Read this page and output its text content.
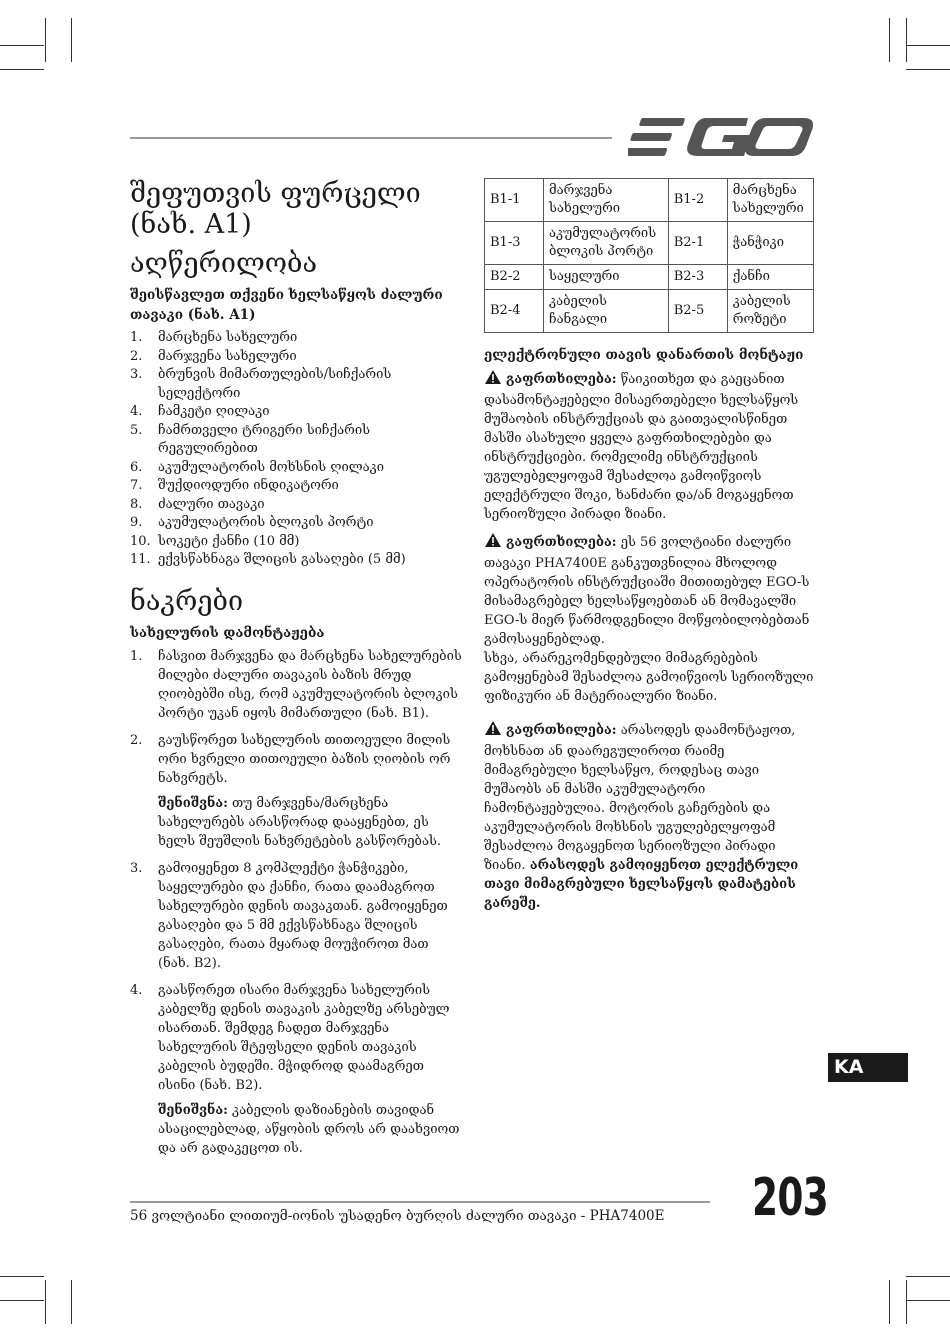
შეფუთვის ფურცელი (ნახ. A1)
აღწერილობა
შეისწავლეთ თქვენი ხელსაწყოს ძალური თავაკი (ნახ. A1)
1.	მარცხენა სახელური
2.	მარჯვენა სახელური
3.	ბრუნვის მიმართულების/სიჩქარის სელექტორი
4.	ჩამკეტი ღილაკი
5.	ჩამრთველი ტრიგერი სიჩქარის რეგულირებით
6.	აკუმულატორის მოხსნის ღილაკი
7.	შუქდიოდური ინდიკატორი
8.	ძალური თავაკი
9.	აკუმულატორის ბლოკის პორტი
10. სოკეტი ქანჩი (10 მმ)
11. ექვსწახნაგა შლიცის გასაღები (5 მმ)
ნაკრები
სახელურის დამონტაჟება
1.	ჩასვით მარჯვენა და მარცხენა სახელურების მილები ძალური თავაკის ბაზის მრუდ ღიობებში ისე, რომ აკუმულატორის ბლოკის პორტი უკან იყოს მიმართული (ნახ. B1).
2.	გაუსწორეთ სახელურის თითოეული მილის ორი ხვრელი თითოეული ბაზის ღიობის ორ ნახვრეტს.
შენიშვნა: თუ მარჯვენა/მარცხენა სახელურებს არასწორად დააყენებთ, ეს ხელს შეუშლის ნახვრეტების გასწორებას.
3.	გამოიყენეთ 8 კომპლექტი ჭანჭიკები, საყელურები და ქანჩი, რათა დაამაგროთ სახელურები დენის თავაკთან. გამოიყენეთ გასაღები და 5 მმ ექვსწახნაგა შლიცის გასაღები, რათა მყარად მოუჭიროთ მათ (ნახ. B2).
4.	გაასწორეთ ისარი მარჯვენა სახელურის კაბელზე დენის თავაკის კაბელზე არსებულ ისართან. შემდეგ ჩადეთ მარჯვენა სახელურის შტეფსელი დენის თავაკის კაბელის ბუდეში. მჭიდროდ დაამაგრეთ ისინი (ნახ. B2).
შენიშვნა: კაბელის დაზიანების თავიდან ასაცილებლად, აწყობის დროს არ დაახვიოთ და არ გადაკეცოთ ის.
B1-1	მარჯვენა სახელური	B1-2	მარცხენა სახელური
B1-3	აკუმულატორის ბლოკის პორტი	B2-1	ჭანჭიკი
B2-2	საყელური	B2-3	ქანჩი
B2-4	კაბელის ჩანგალი	B2-5	კაბელის როზეტი
ელექტრონული თავის დანართის მონტაჟი

გაფრთხილება: წაიკითხეთ და გაეცანით დასამონტაჟებელი მისაერთებელი ხელსაწყოს მუშაობის ინსტრუქციას და გაითვალისწინეთ მასში ასახული ყველა გაფრთხილებები და ინსტრუქციები. რომელიმე ინსტრუქციის უგულებელყოფამ შესაძლოა გამოიწვიოს ელექტრული შოკი, ხანძარი და/ან მოგაყენოთ სერიოზული პირადი ზიანი.

გაფრთხილება: ეს 56 ვოლტიანი ძალური თავაკი PHA7400E განკუთვნილია მხოლოდ ოპერატორის ინსტრუქციაში მითითებულ EGO-ს მისამაგრებელ ხელსაწყოებთან ან მომავალში EGO-ს მიერ წარმოდგენილი მოწყობილობებთან გამოსაყენებლად.
სხვა, არარეკომენდებული მიმაგრებების გამოყენებამ შესაძლოა გამოიწვიოს სერიოზული ფიზიკური ან მატერიალური ზიანი.

გაფრთხილება: არასოდეს დაამონტაჟოთ, მოხსნათ ან დაარეგულიროთ რაიმე მიმაგრებული ხელსაწყო, როდესაც თავი მუშაობს ან მასში აკუმულატორი ჩამონტაჟებულია. მოტორის გაჩერების და აკუმულატორის მოხსნის უგულებელყოფამ შესაძლოა მოგაყენოთ სერიოზული პირადი ზიანი. არასოდეს გამოიყენოთ ელექტრული თავი მიმაგრებული ხელსაწყოს დამატების გარეშე.

KA
56 ვოლტიანი ლითიუმ-იონის უსადენო ბურღის ძალური თავაკი - PHA7400E 203
